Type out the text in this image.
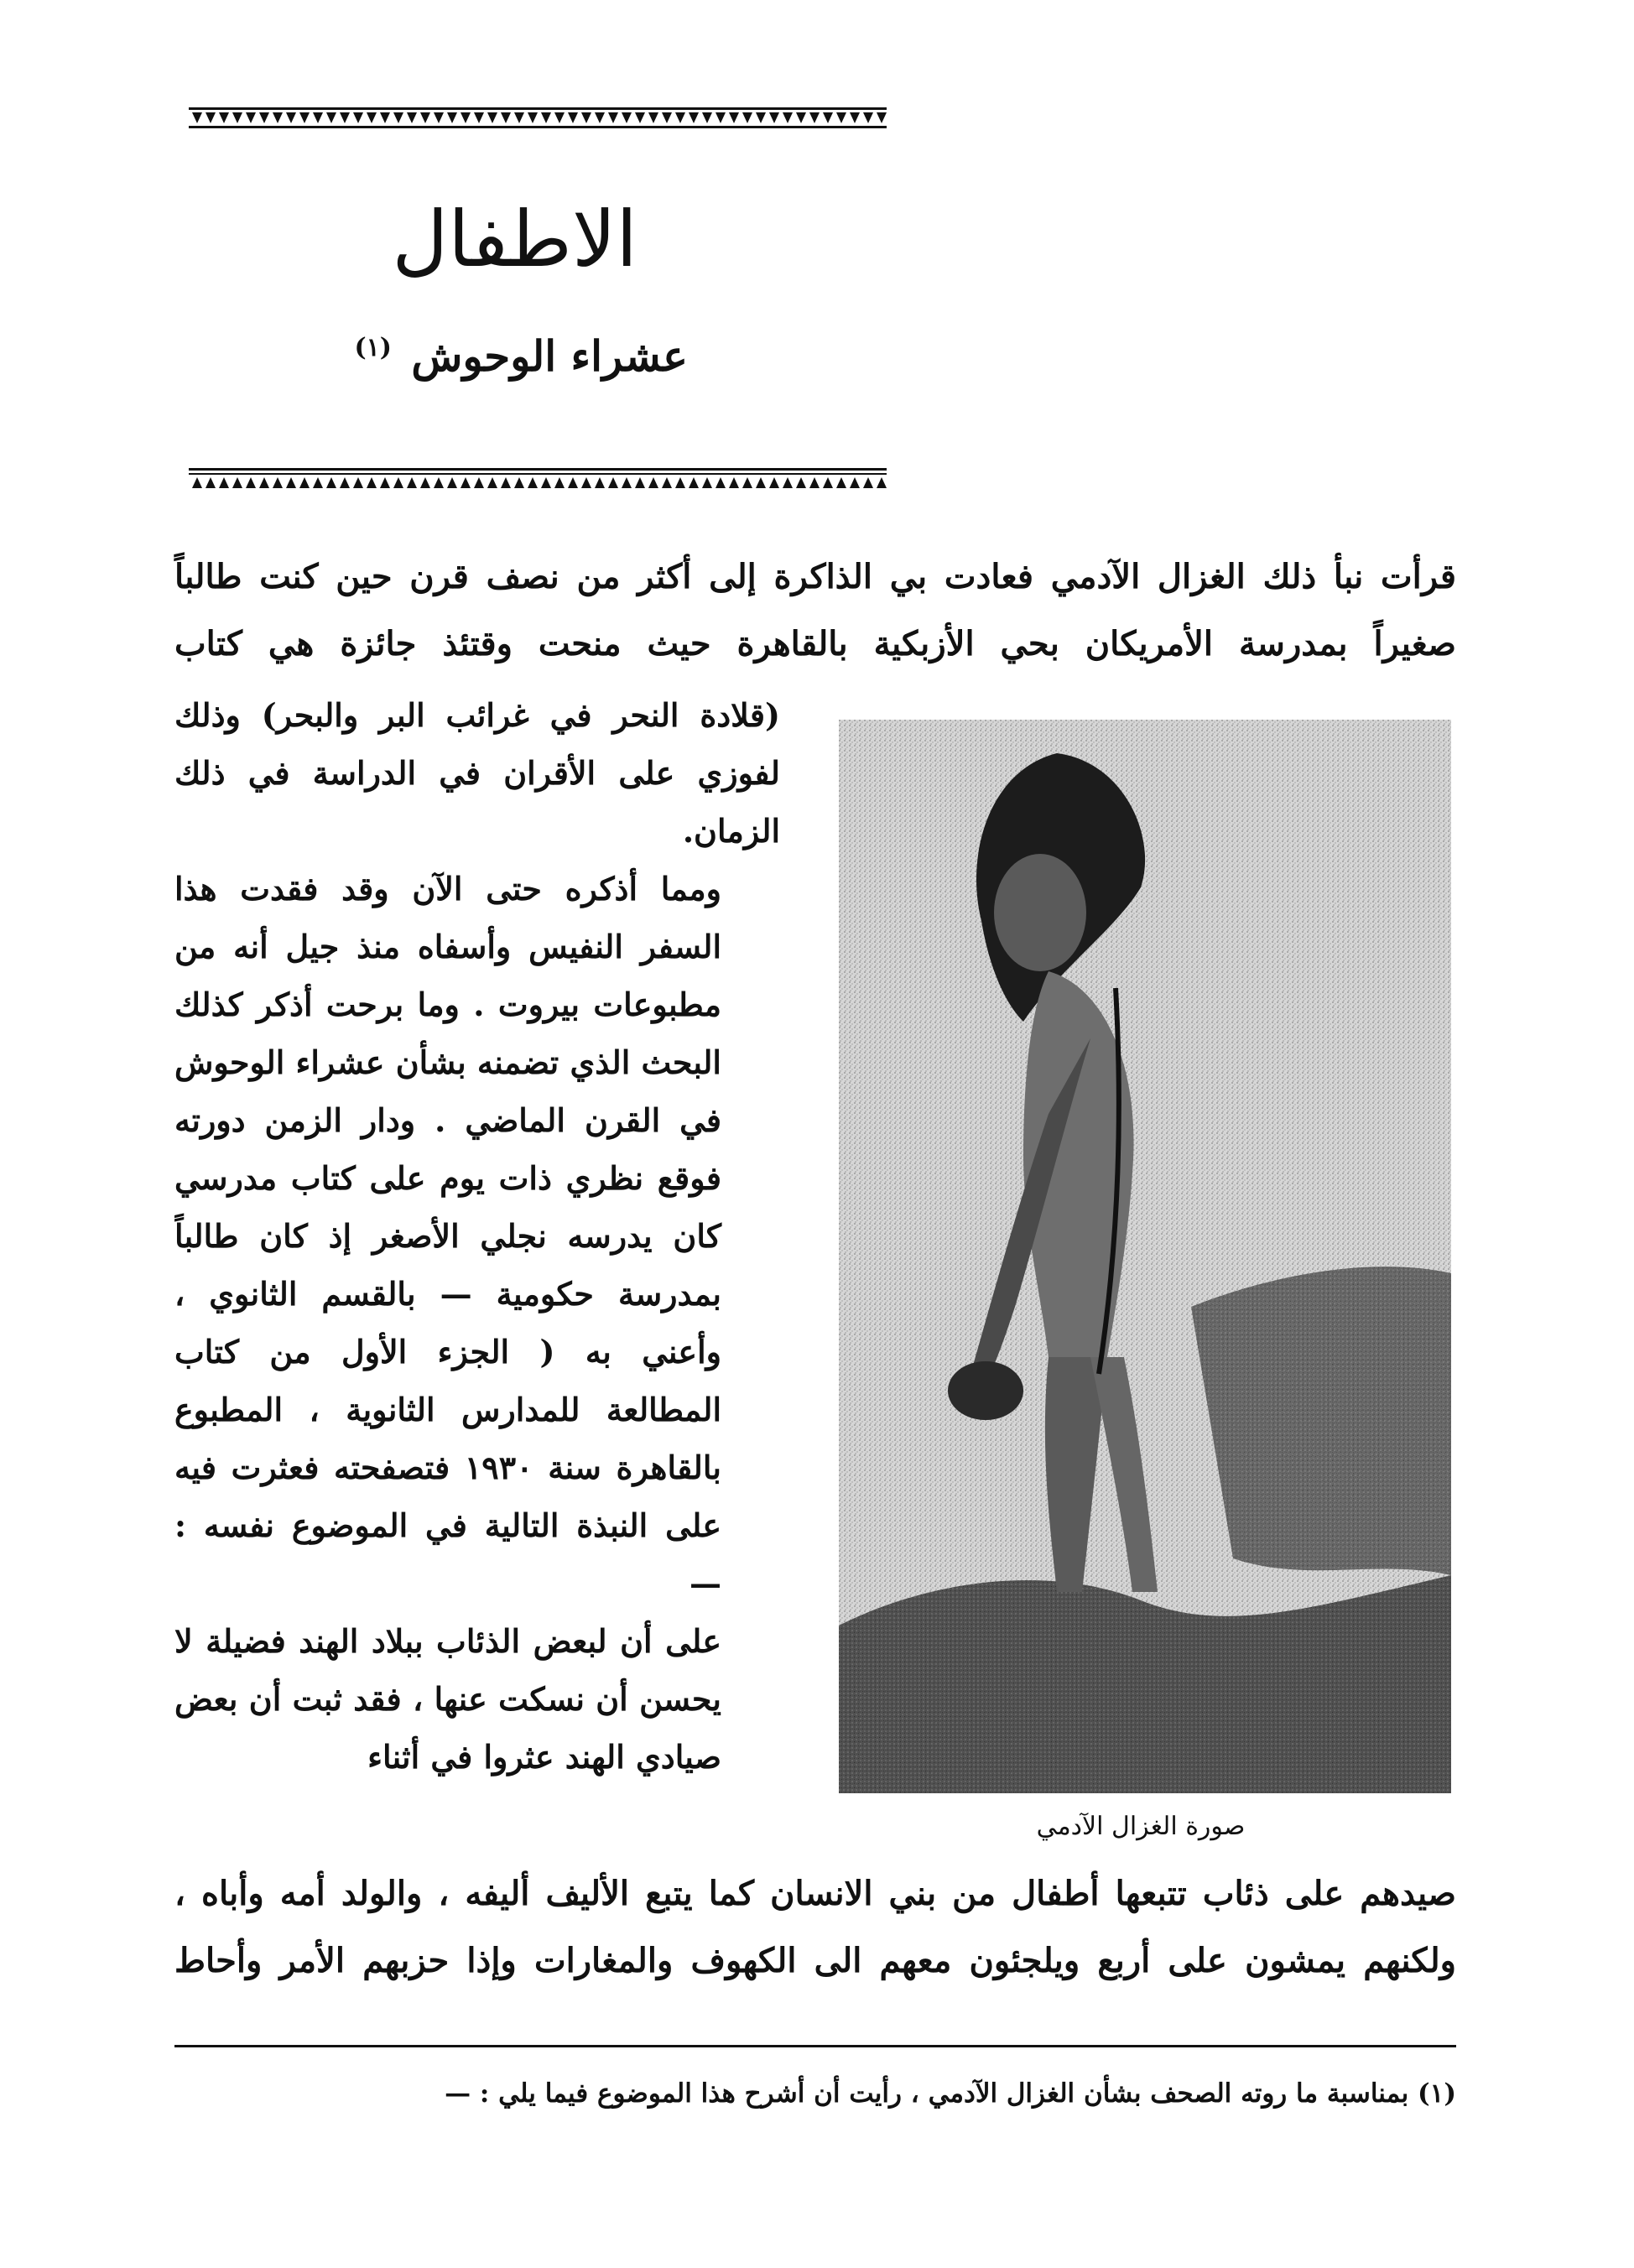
الاطفال
عشراء الوحوش $^{(١)}$

قرأت نبأ ذلك الغزال الآدمي فعادت بي الذاكرة إلى أكثر من نصف قرن حين كنت طالباً صغيراً بمدرسة الأمريكان بحي الأزبكية بالقاهرة حيث منحت وقتئذ جائزة هي كتاب

(قلادة النحر في غرائب البر والبحر) وذلك لفوزي على الأقران في الدراسة في ذلك الزمان.

ومما أذكره حتى الآن وقد فقدت هذا السفر النفيس وأسفاه منذ جيل أنه من مطبوعات بيروت . وما برحت أذكر كذلك البحث الذي تضمنه بشأن عشراء الوحوش في القرن الماضي . ودار الزمن دورته فوقع نظري ذات يوم على كتاب مدرسي كان يدرسه نجلي الأصغر إذ كان طالباً بمدرسة حكومية — بالقسم الثانوي ، وأعني به ( الجزء الأول من كتاب المطالعة للمدارس الثانوية ، المطبوع بالقاهرة سنة ١٩٣٠ فتصفحته فعثرت فيه على النبذة التالية في الموضوع نفسه : —

على أن لبعض الذئاب ببلاد الهند فضيلة لا يحسن أن نسكت عنها ، فقد ثبت أن بعض صيادي الهند عثروا في أثناء

صورة الغزال الآدمي

صيدهم على ذئاب تتبعها أطفال من بني الانسان كما يتبع الأليف أليفه ، والولد أمه وأباه ، ولكنهم يمشون على أربع ويلجئون معهم الى الكهوف والمغارات وإذا حزبهم الأمر وأحاط

(١) بمناسبة ما روته الصحف بشأن الغزال الآدمي ، رأيت أن أشرح هذا الموضوع فيما يلي : —
